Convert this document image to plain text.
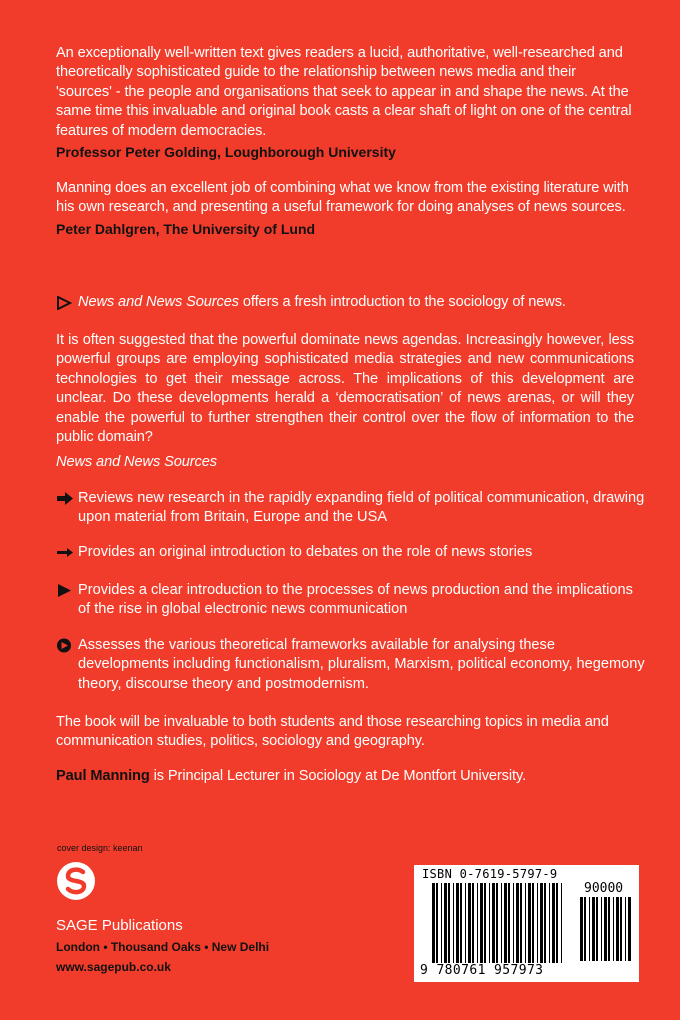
An exceptionally well-written text gives readers a lucid, authoritative, well-researched and theoretically sophisticated guide to the relationship between news media and their 'sources' - the people and organisations that seek to appear in and shape the news. At the same time this invaluable and original book casts a clear shaft of light on one of the central features of modern democracies.
Professor Peter Golding, Loughborough University
Manning does an excellent job of combining what we know from the existing literature with his own research, and presenting a useful framework for doing analyses of news sources.
Peter Dahlgren, The University of Lund
News and News Sources offers a fresh introduction to the sociology of news.
It is often suggested that the powerful dominate news agendas. Increasingly however, less powerful groups are employing sophisticated media strategies and new communications technologies to get their message across. The implications of this development are unclear. Do these developments herald a ‘democratisation’ of news arenas, or will they enable the powerful to further strengthen their control over the flow of information to the public domain?
News and News Sources
Reviews new research in the rapidly expanding field of political communication, drawing upon material from Britain, Europe and the USA
Provides an original introduction to debates on the role of news stories
Provides a clear introduction to the processes of news production and the implications of the rise in global electronic news communication
Assesses the various theoretical frameworks available for analysing these developments including functionalism, pluralism, Marxism, political economy, hegemony theory, discourse theory and postmodernism.
The book will be invaluable to both students and those researching topics in media and communication studies, politics, sociology and geography.
Paul Manning is Principal Lecturer in Sociology at De Montfort University.
cover design: keenan
SAGE Publications
London • Thousand Oaks • New Delhi
www.sagepub.co.uk
ISBN 0-7619-5797-9
90000
9 780761 957973
